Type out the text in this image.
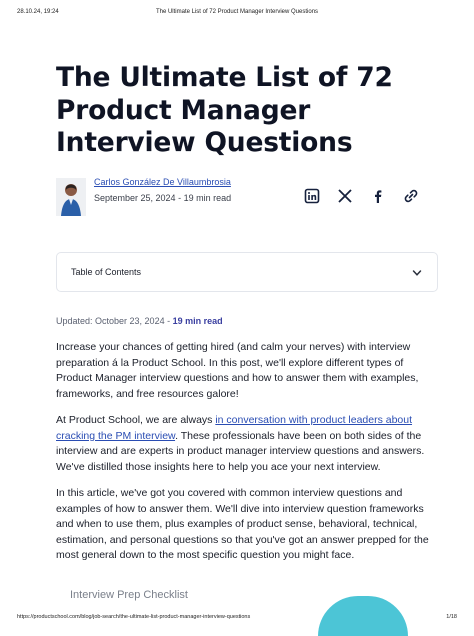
28.10.24, 19:24	The Ultimate List of 72 Product Manager Interview Questions
The Ultimate List of 72 Product Manager Interview Questions
Carlos González De Villaumbrosia
September 25, 2024 - 19 min read
Table of Contents
Updated: October 23, 2024 - 19 min read

Increase your chances of getting hired (and calm your nerves) with interview preparation á la Product School. In this post, we'll explore different types of Product Manager interview questions and how to answer them with examples, frameworks, and free resources galore!

At Product School, we are always in conversation with product leaders about cracking the PM interview. These professionals have been on both sides of the interview and are experts in product manager interview questions and answers. We've distilled those insights here to help you ace your next interview.

In this article, we've got you covered with common interview questions and examples of how to answer them. We'll dive into interview question frameworks and when to use them, plus examples of product sense, behavioral, technical, estimation, and personal questions so that you've got an answer prepped for the most general down to the most specific question you might face.

Interview Prep Checklist
https://productschool.com/blog/job-search/the-ultimate-list-product-manager-interview-questions	1/18
